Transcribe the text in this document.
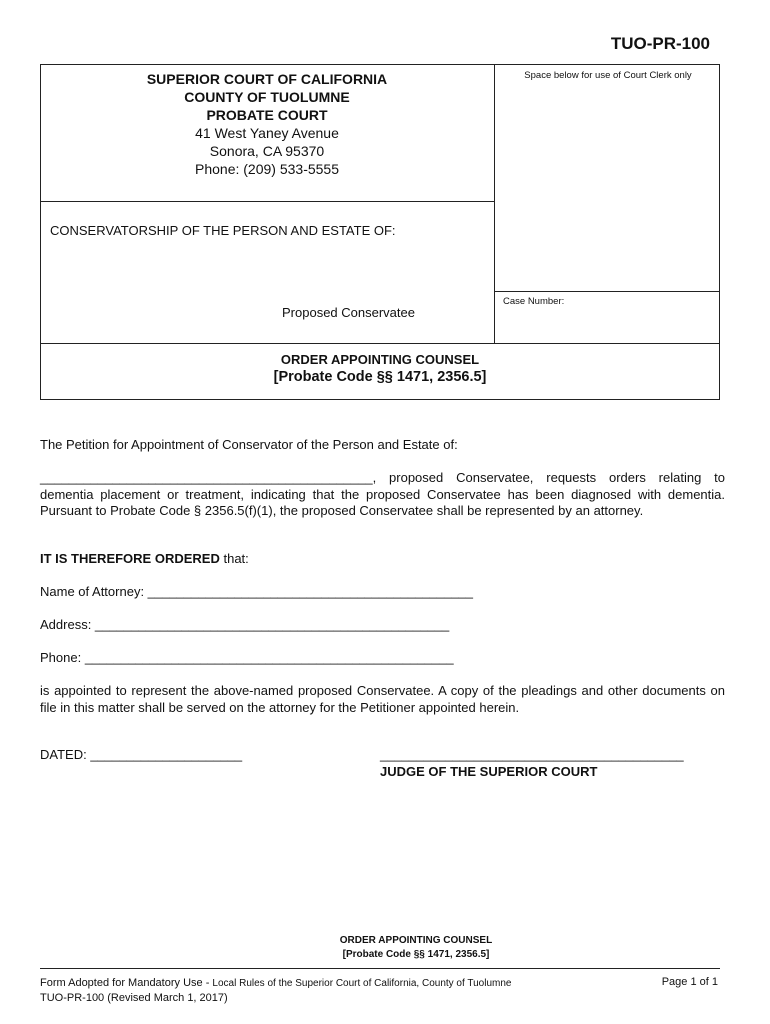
TUO-PR-100
SUPERIOR COURT OF CALIFORNIA
COUNTY OF TUOLUMNE
PROBATE COURT
41 West Yaney Avenue
Sonora, CA 95370
Phone: (209) 533-5555
Space below for use of Court Clerk only
CONSERVATORSHIP OF THE PERSON AND ESTATE OF:
Proposed Conservatee
Case Number:
ORDER APPOINTING COUNSEL
[Probate Code §§ 1471, 2356.5]
The Petition for Appointment of Conservator of the Person and Estate of:
______________________________________________, proposed Conservatee, requests orders relating to dementia placement or treatment, indicating that the proposed Conservatee has been diagnosed with dementia. Pursuant to Probate Code § 2356.5(f)(1), the proposed Conservatee shall be represented by an attorney.
IT IS THEREFORE ORDERED that:
Name of Attorney: _____________________________________________
Address: _________________________________________________
Phone: ___________________________________________________
is appointed to represent the above-named proposed Conservatee. A copy of the pleadings and other documents on file in this matter shall be served on the attorney for the Petitioner appointed herein.
DATED: _____________________	__________________________________________
JUDGE OF THE SUPERIOR COURT
ORDER APPOINTING COUNSEL
[Probate Code §§ 1471, 2356.5]
Form Adopted for Mandatory Use - Local Rules of the Superior Court of California, County of Tuolumne
TUO-PR-100 (Revised March 1, 2017)
Page 1 of 1
